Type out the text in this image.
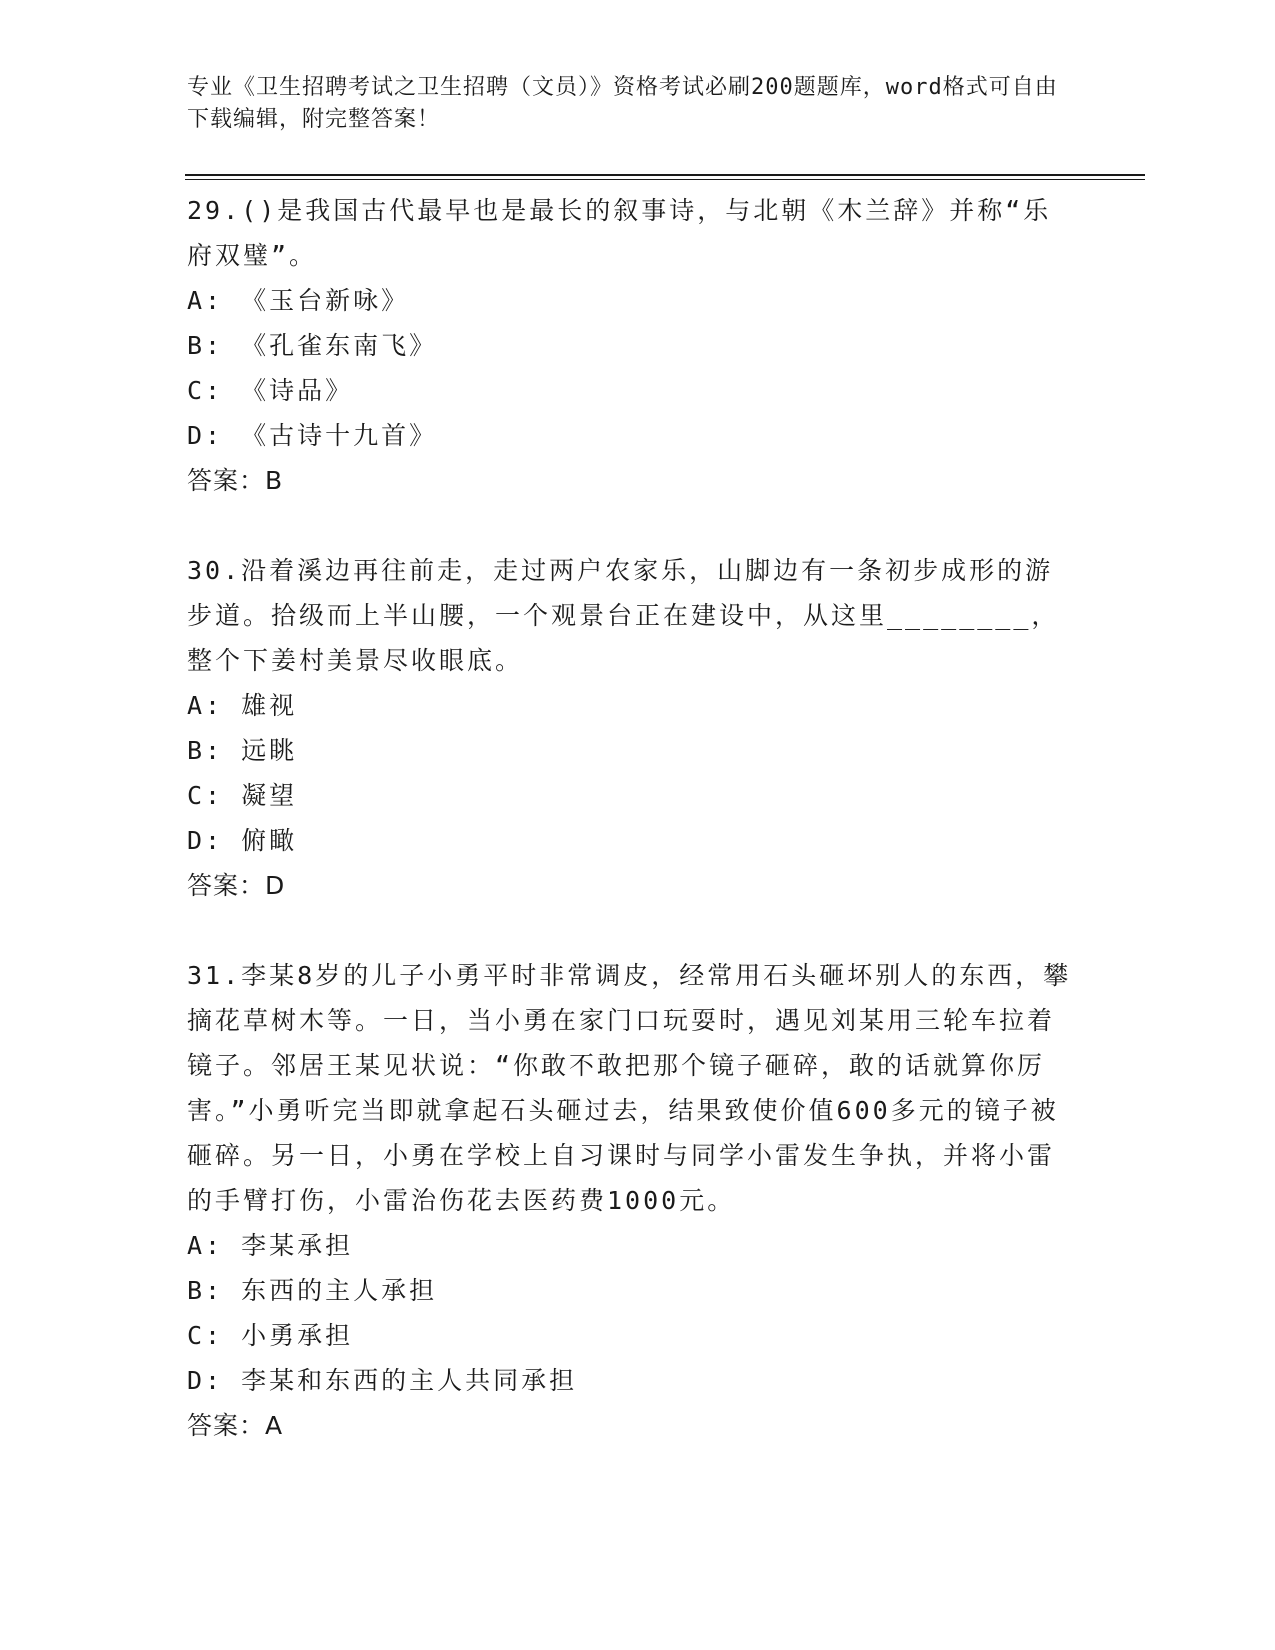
专业《卫生招聘考试之卫生招聘（文员）》资格考试必刷200题题库，word格式可自由下载编辑，附完整答案！

29.()是我国古代最早也是最长的叙事诗，与北朝《木兰辞》并称“乐府双璧”。

A: 《玉台新咏》

B: 《孔雀东南飞》

C: 《诗品》

D: 《古诗十九首》

答案：B

30.沿着溪边再往前走，走过两户农家乐，山脚边有一条初步成形的游步道。拾级而上半山腰，一个观景台正在建设中，从这里________，整个下姜村美景尽收眼底。

A: 雄视

B: 远眺

C: 凝望

D: 俯瞰

答案：D

31.李某8岁的儿子小勇平时非常调皮，经常用石头砸坏别人的东西，攀摘花草树木等。一日，当小勇在家门口玩耍时，遇见刘某用三轮车拉着镜子。邻居王某见状说：“你敢不敢把那个镜子砸碎，敢的话就算你厉害。”小勇听完当即就拿起石头砸过去，结果致使价值600多元的镜子被砸碎。另一日，小勇在学校上自习课时与同学小雷发生争执，并将小雷的手臂打伤，小雷治伤花去医药费1000元。

A: 李某承担

B: 东西的主人承担

C: 小勇承担

D: 李某和东西的主人共同承担

答案：A
